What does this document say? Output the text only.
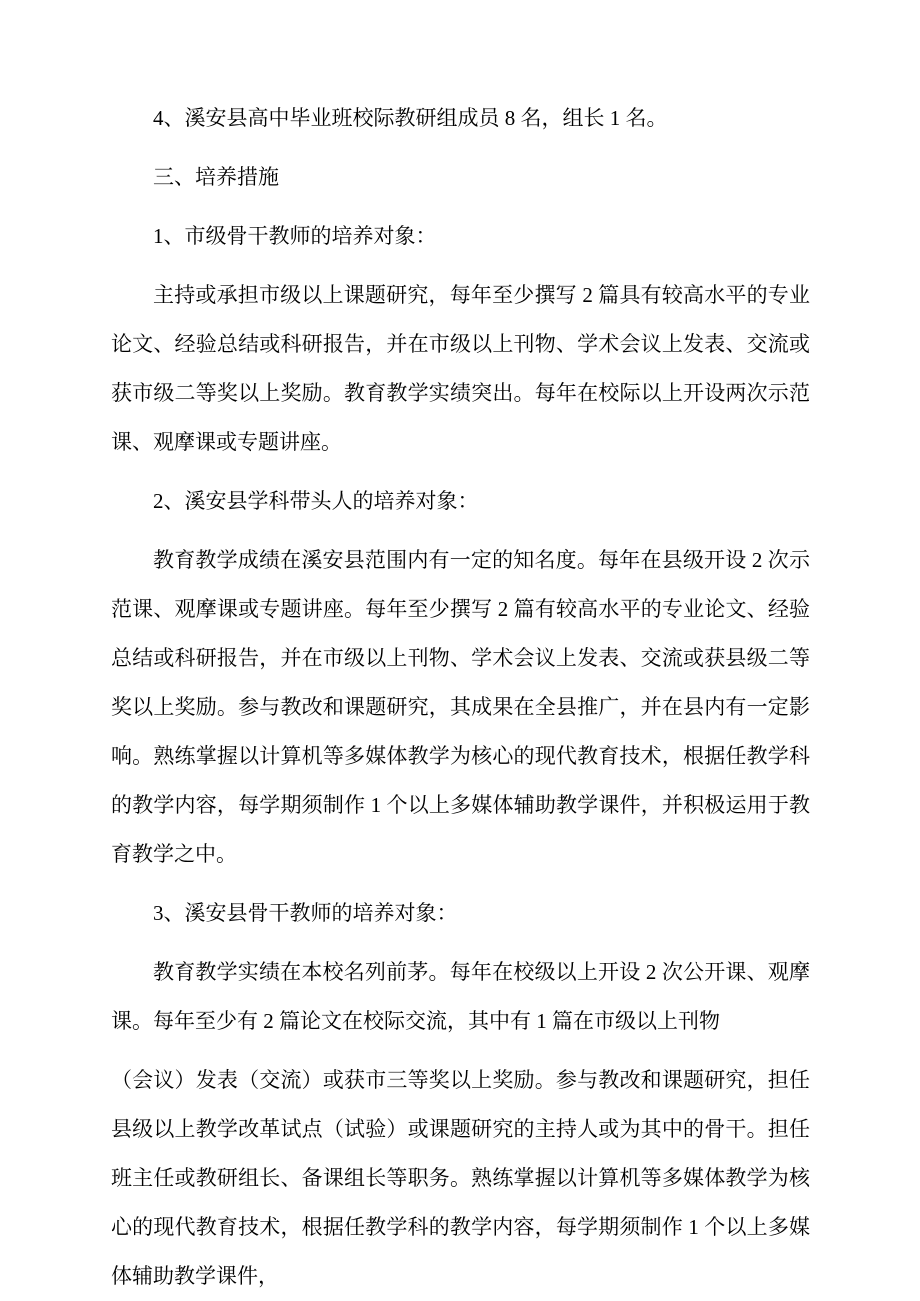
4、溪安县高中毕业班校际教研组成员 8 名，组长 1 名。

三、培养措施

1、市级骨干教师的培养对象：

主持或承担市级以上课题研究，每年至少撰写 2 篇具有较高水平的专业论文、经验总结或科研报告，并在市级以上刊物、学术会议上发表、交流或获市级二等奖以上奖励。教育教学实绩突出。每年在校际以上开设两次示范课、观摩课或专题讲座。

2、溪安县学科带头人的培养对象：

教育教学成绩在溪安县范围内有一定的知名度。每年在县级开设 2 次示范课、观摩课或专题讲座。每年至少撰写 2 篇有较高水平的专业论文、经验总结或科研报告，并在市级以上刊物、学术会议上发表、交流或获县级二等奖以上奖励。参与教改和课题研究，其成果在全县推广，并在县内有一定影响。熟练掌握以计算机等多媒体教学为核心的现代教育技术，根据任教学科的教学内容，每学期须制作 1 个以上多媒体辅助教学课件，并积极运用于教育教学之中。

3、溪安县骨干教师的培养对象：

教育教学实绩在本校名列前茅。每年在校级以上开设 2 次公开课、观摩课。每年至少有 2 篇论文在校际交流，其中有 1 篇在市级以上刊物

（会议）发表（交流）或获市三等奖以上奖励。参与教改和课题研究，担任县级以上教学改革试点（试验）或课题研究的主持人或为其中的骨干。担任班主任或教研组长、备课组长等职务。熟练掌握以计算机等多媒体教学为核心的现代教育技术，根据任教学科的教学内容，每学期须制作 1 个以上多媒体辅助教学课件，
